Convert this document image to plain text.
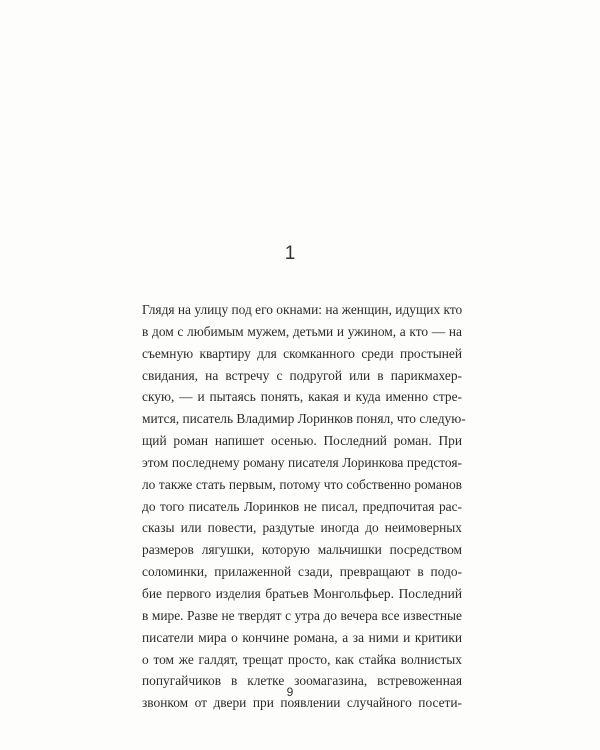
1
Глядя на улицу под его окнами: на женщин, идущих кто
в дом с любимым мужем, детьми и ужином, а кто — на
съемную квартиру для скомканного среди простыней
свидания, на встречу с подругой или в парикмахер-
скую, — и пытаясь понять, какая и куда именно стре-
мится, писатель Владимир Лоринков понял, что следую-
щий роман напишет осенью. Последний роман. При
этом последнему роману писателя Лоринкова предстоя-
ло также стать первым, потому что собственно романов
до того писатель Лоринков не писал, предпочитая рас-
сказы или повести, раздутые иногда до неимоверных
размеров лягушки, которую мальчишки посредством
соломинки, прилаженной сзади, превращают в подо-
бие первого изделия братьев Монгольфьер. Последний
в мире. Разве не твердят с утра до вечера все известные
писатели мира о кончине романа, а за ними и критики
о том же галдят, трещат просто, как стайка волнистых
попугайчиков в клетке зоомагазина, встревоженная
звонком от двери при появлении случайного посети-
9
